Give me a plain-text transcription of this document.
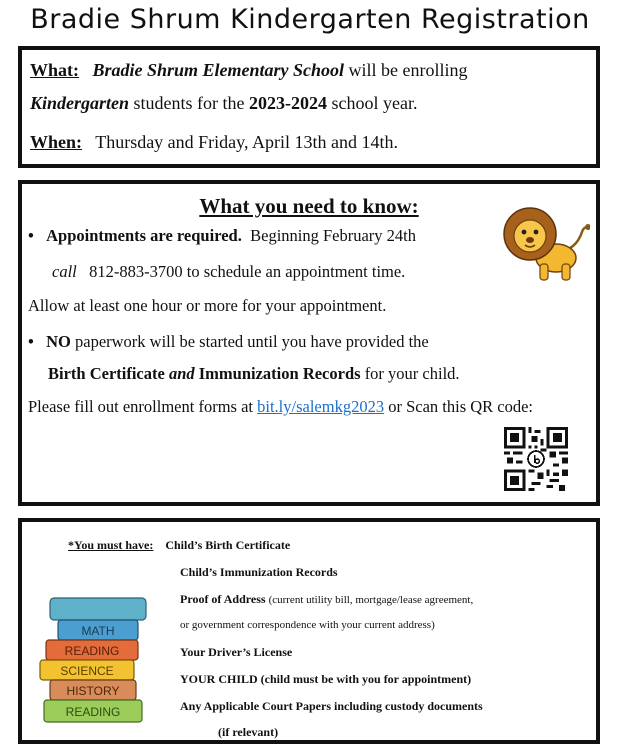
Bradie Shrum Kindergarten Registration
What: Bradie Shrum Elementary School will be enrolling
Kindergarten students for the 2023-2024 school year.
When: Thursday and Friday, April 13th and 14th.
What you need to know:
• Appointments are required. Beginning February 24th
call 812-883-3700 to schedule an appointment time.
Allow at least one hour or more for your appointment.
• NO paperwork will be started until you have provided the
Birth Certificate and Immunization Records for your child.
Please fill out enrollment forms at bit.ly/salemkg2023 or Scan this QR code:
*You must have: Child’s Birth Certificate
Child’s Immunization Records
Proof of Address (current utility bill, mortgage/lease agreement,
or government correspondence with your current address)
Your Driver’s License
YOUR CHILD (child must be with you for appointment)
Any Applicable Court Papers including custody documents
(if relevant)
MATH
READING
SCIENCE
HISTORY
READING
